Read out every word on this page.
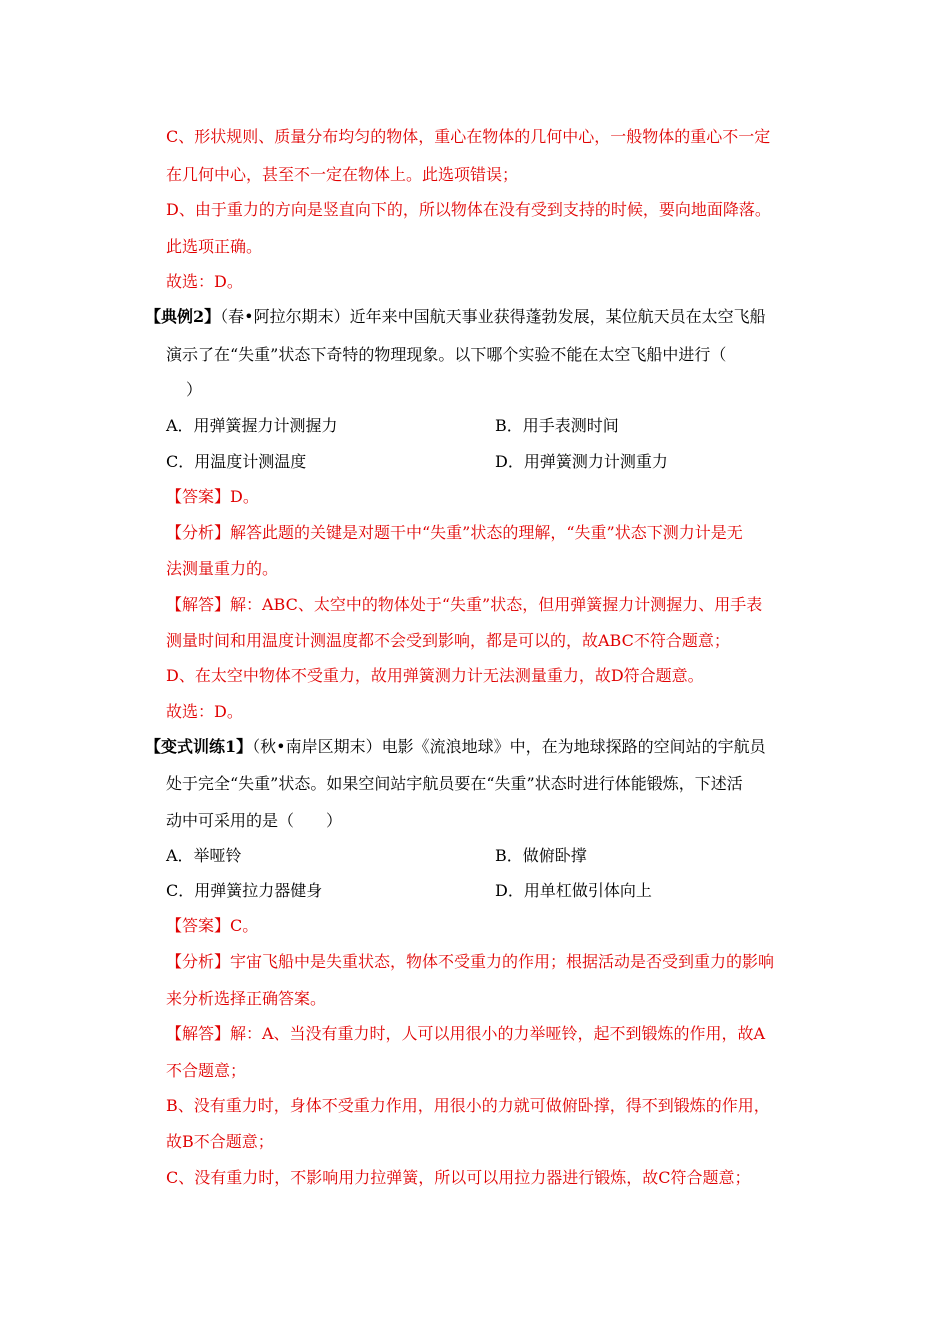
C、形状规则、质量分布均匀的物体，重心在物体的几何中心，一般物体的重心不一定
在几何中心，甚至不一定在物体上。此选项错误；
D、由于重力的方向是竖直向下的，所以物体在没有受到支持的时候，要向地面降落。
此选项正确。
故选：D。
【典例2】（春•阿拉尔期末）近年来中国航天事业获得蓬勃发展，某位航天员在太空飞船
演示了在“失重”状态下奇特的物理现象。以下哪个实验不能在太空飞船中进行（
）
A．用弹簧握力计测握力	B．用手表测时间
C．用温度计测温度	D．用弹簧测力计测重力
【答案】D。
【分析】解答此题的关键是对题干中“失重”状态的理解，“失重”状态下测力计是无
法测量重力的。
【解答】解：ABC、太空中的物体处于“失重”状态，但用弹簧握力计测握力、用手表
测量时间和用温度计测温度都不会受到影响，都是可以的，故ABC不符合题意；
D、在太空中物体不受重力，故用弹簧测力计无法测量重力，故D符合题意。
故选：D。
【变式训练1】（秋•南岸区期末）电影《流浪地球》中，在为地球探路的空间站的宇航员
处于完全“失重”状态。如果空间站宇航员要在“失重”状态时进行体能锻炼，下述活
动中可采用的是（　　）
A．举哑铃	B．做俯卧撑
C．用弹簧拉力器健身	D．用单杠做引体向上
【答案】C。
【分析】宇宙飞船中是失重状态，物体不受重力的作用；根据活动是否受到重力的影响
来分析选择正确答案。
【解答】解：A、当没有重力时，人可以用很小的力举哑铃，起不到锻炼的作用，故A
不合题意；
B、没有重力时，身体不受重力作用，用很小的力就可做俯卧撑，得不到锻炼的作用，
故B不合题意；
C、没有重力时，不影响用力拉弹簧，所以可以用拉力器进行锻炼，故C符合题意；
